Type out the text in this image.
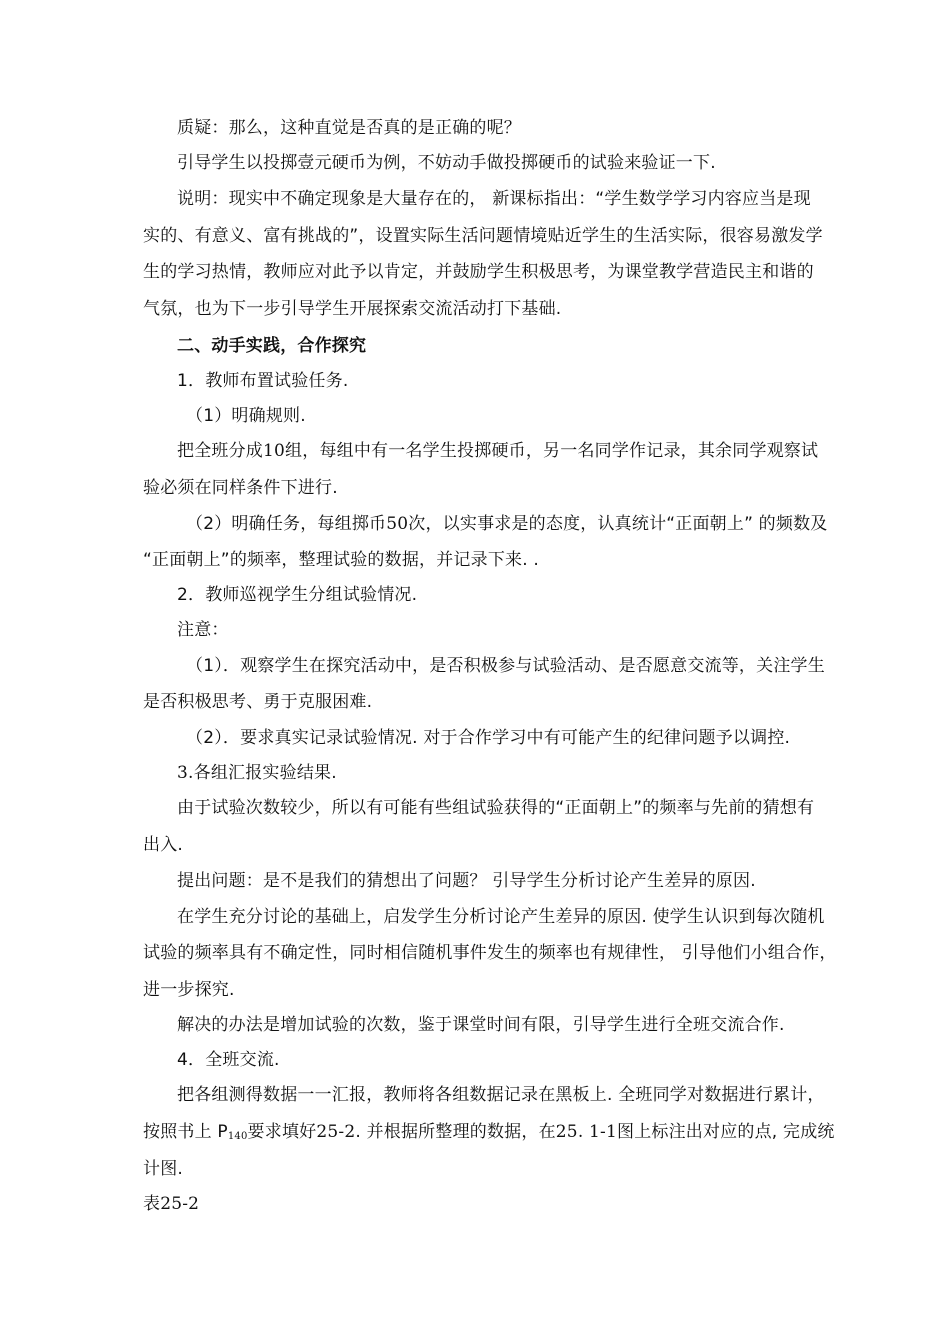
质疑：那么，这种直觉是否真的是正确的呢？
引导学生以投掷壹元硬币为例，不妨动手做投掷硬币的试验来验证一下.
说明：现实中不确定现象是大量存在的， 新课标指出：“学生数学学习内容应当是现
实的、有意义、富有挑战的”，设置实际生活问题情境贴近学生的生活实际，很容易激发学
生的学习热情，教师应对此予以肯定，并鼓励学生积极思考，为课堂教学营造民主和谐的
气氛，也为下一步引导学生开展探索交流活动打下基础.
二、动手实践，合作探究
1．教师布置试验任务.
（1）明确规则.
把全班分成10组，每组中有一名学生投掷硬币，另一名同学作记录，其余同学观察试
验必须在同样条件下进行.
（2）明确任务，每组掷币50次，以实事求是的态度，认真统计“正面朝上” 的频数及
“正面朝上”的频率，整理试验的数据，并记录下来. .
2．教师巡视学生分组试验情况.
注意：
（1）．观察学生在探究活动中，是否积极参与试验活动、是否愿意交流等，关注学生
是否积极思考、勇于克服困难.
（2）．要求真实记录试验情况. 对于合作学习中有可能产生的纪律问题予以调控.
3.各组汇报实验结果.
由于试验次数较少，所以有可能有些组试验获得的“正面朝上”的频率与先前的猜想有
出入.
提出问题：是不是我们的猜想出了问题？ 引导学生分析讨论产生差异的原因.
在学生充分讨论的基础上，启发学生分析讨论产生差异的原因. 使学生认识到每次随机
试验的频率具有不确定性，同时相信随机事件发生的频率也有规律性， 引导他们小组合作，
进一步探究.
解决的办法是增加试验的次数，鉴于课堂时间有限，引导学生进行全班交流合作.
4．全班交流.
把各组测得数据一一汇报，教师将各组数据记录在黑板上. 全班同学对数据进行累计，
按照书上 $P_{140}$要求填好25-2. 并根据所整理的数据，在25. 1-1图上标注出对应的点, 完成统
计图.
表25-2
